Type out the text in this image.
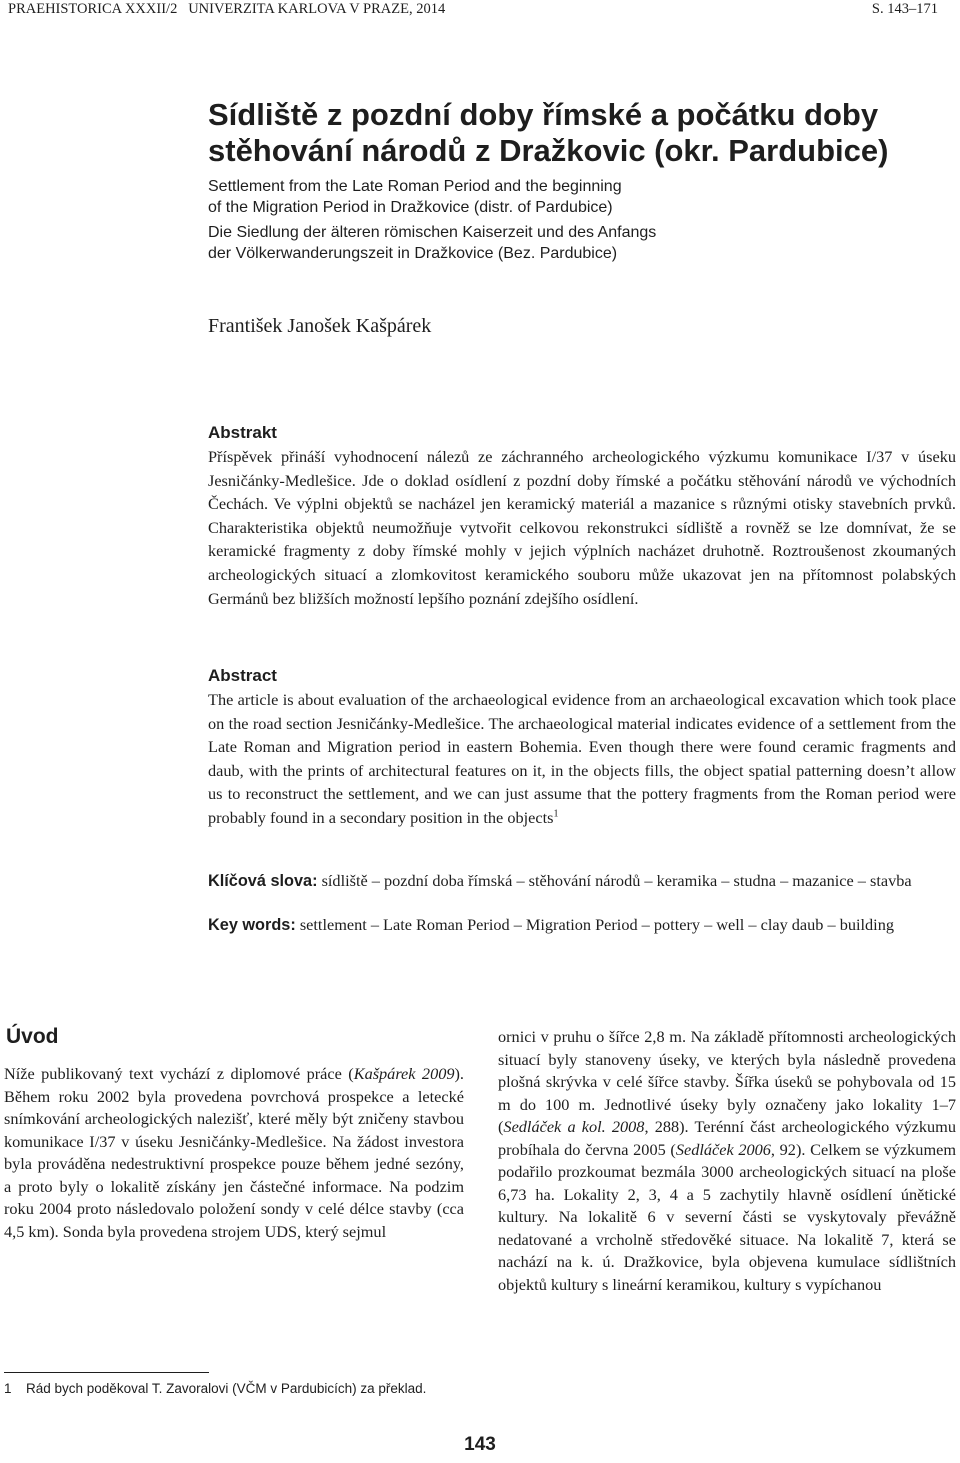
PRAEHISTORICA XXXII/2   UNIVERZITA KARLOVA V PRAZE, 2014	S. 143–171
Sídliště z pozdní doby římské a počátku doby
stěhování národů z Dražkovic (okr. Pardubice)

Settlement from the Late Roman Period and the beginning
of the Migration Period in Dražkovice (distr. of Pardubice)

Die Siedlung der älteren römischen Kaiserzeit und des Anfangs
der Völkerwanderungszeit in Dražkovice (Bez. Pardubice)

František Janošek Kašpárek

Abstrakt

Příspěvek přináší vyhodnocení nálezů ze záchranného archeologického výzkumu komunikace I/37 v úseku Jesničánky-Medlešice. Jde o doklad osídlení z pozdní doby římské a počátku stěhování národů ve východních Čechách. Ve výplni objektů se nacházel jen keramický materiál a mazanice s různými otisky stavebních prvků. Charakteristika objektů neumožňuje vytvořit celkovou rekonstrukci sídliště a rovněž se lze domnívat, že se keramické fragmenty z doby římské mohly v jejich výplních nacházet druhotně. Roztroušenost zkoumaných archeologických situací a zlomkovitost keramického souboru může ukazovat jen na přítomnost polabských Germánů bez bližších možností lepšího poznání zdejšího osídlení.

Abstract

The article is about evaluation of the archaeological evidence from an archaeological excavation which took place on the road section Jesničánky-Medlešice. The archaeological material indicates evidence of a settlement from the Late Roman and Migration period in eastern Bohemia. Even though there were found ceramic fragments and daub, with the prints of architectural features on it, in the objects fills, the object spatial patterning doesn’t allow us to reconstruct the settlement, and we can just assume that the pottery fragments from the Roman period were probably found in a secondary position in the objects$^1$

Klíčová slova: sídliště – pozdní doba římská – stěhování národů – keramika – studna – mazanice – stavba

Key words: settlement – Late Roman Period – Migration Period – pottery – well – clay daub – building

Úvod

Níže publikovaný text vychází z diplomové práce (Kašpárek 2009). Během roku 2002 byla provedena povrchová prospekce a letecké snímkování archeologických nalezišť, které měly být zničeny stavbou komunikace I/37 v úseku Jesničánky-Medlešice. Na žádost investora byla prováděna nedestruktivní prospekce pouze během jedné sezóny, a proto byly o lokalitě získány jen částečné informace. Na podzim roku 2004 proto následovalo položení sondy v celé délce stavby (cca 4,5 km). Sonda byla provedena strojem UDS, který sejmul

ornici v pruhu o šířce 2,8 m. Na základě přítomnosti archeologických situací byly stanoveny úseky, ve kterých byla následně provedena plošná skrývka v celé šířce stavby. Šířka úseků se pohybovala od 15 m do 100 m. Jednotlivé úseky byly označeny jako lokality 1–7 (Sedláček a kol. 2008, 288). Terénní část archeologického výzkumu probíhala do června 2005 (Sedláček 2006, 92). Celkem se výzkumem podařilo prozkoumat bezmála 3000 archeologických situací na ploše 6,73 ha. Lokality 2, 3, 4 a 5 zachytily hlavně osídlení únětické kultury. Na lokalitě 6 v severní části se vyskytovaly převážně nedatované a vrcholně středověké situace. Na lokalitě 7, která se nachází na k. ú. Dražkovice, byla objevena kumulace sídlištních objektů kultury s lineární keramikou, kultury s vypíchanou

1 Rád bych poděkoval T. Zavoralovi (VČM v Pardubicích) za překlad.

143
